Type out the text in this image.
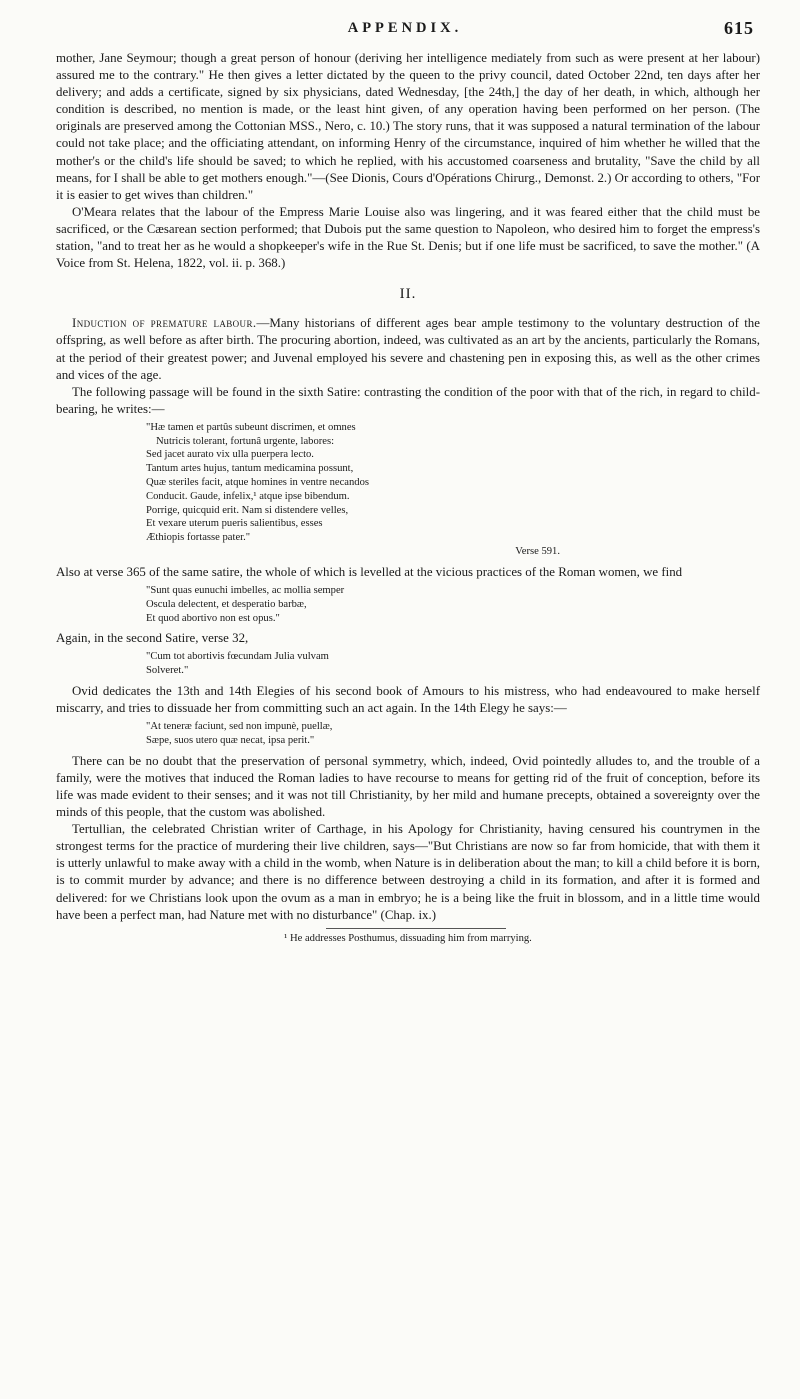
APPENDIX.	615

mother, Jane Seymour; though a great person of honour (deriving her intelligence mediately from such as were present at her labour) assured me to the contrary." He then gives a letter dictated by the queen to the privy council, dated October 22nd, ten days after her delivery; and adds a certificate, signed by six physicians, dated Wednesday, [the 24th,] the day of her death, in which, although her condition is described, no mention is made, or the least hint given, of any operation having been performed on her person. (The originals are preserved among the Cottonian MSS., Nero, c. 10.) The story runs, that it was supposed a natural termination of the labour could not take place; and the officiating attendant, on informing Henry of the circumstance, inquired of him whether he willed that the mother's or the child's life should be saved; to which he replied, with his accustomed coarseness and brutality, "Save the child by all means, for I shall be able to get mothers enough."—(See Dionis, Cours d'Opérations Chirurg., Demonst. 2.) Or according to others, "For it is easier to get wives than children."

O'Meara relates that the labour of the Empress Marie Louise also was lingering, and it was feared either that the child must be sacrificed, or the Cæsarean section performed; that Dubois put the same question to Napoleon, who desired him to forget the empress's station, "and to treat her as he would a shopkeeper's wife in the Rue St. Denis; but if one life must be sacrificed, to save the mother." (A Voice from St. Helena, 1822, vol. ii. p. 368.)

II.

Induction of premature labour.—Many historians of different ages bear ample testimony to the voluntary destruction of the offspring, as well before as after birth. The procuring abortion, indeed, was cultivated as an art by the ancients, particularly the Romans, at the period of their greatest power; and Juvenal employed his severe and chastening pen in exposing this, as well as the other crimes and vices of the age.

The following passage will be found in the sixth Satire: contrasting the condition of the poor with that of the rich, in regard to child-bearing, he writes:—

"Hæ tamen et partûs subeunt discrimen, et omnes
Nutricis tolerant, fortunâ urgente, labores:
Sed jacet aurato vix ulla puerpera lecto.
Tantum artes hujus, tantum medicamina possunt,
Quæ steriles facit, atque homines in ventre necandos
Conducit. Gaude, infelix,¹ atque ipse bibendum.
Porrige, quicquid erit. Nam si distendere velles,
Et vexare uterum pueris salientibus, esses
Æthiopis fortasse pater."
Verse 591.

Also at verse 365 of the same satire, the whole of which is levelled at the vicious practices of the Roman women, we find

"Sunt quas eunuchi imbelles, ac mollia semper
Oscula delectent, et desperatio barbæ,
Et quod abortivo non est opus."

Again, in the second Satire, verse 32,

"Cum tot abortivis fœcundam Julia vulvam
Solveret."

Ovid dedicates the 13th and 14th Elegies of his second book of Amours to his mistress, who had endeavoured to make herself miscarry, and tries to dissuade her from committing such an act again. In the 14th Elegy he says:—

"At teneræ faciunt, sed non impunè, puellæ,
Sæpe, suos utero quæ necat, ipsa perit."

There can be no doubt that the preservation of personal symmetry, which, indeed, Ovid pointedly alludes to, and the trouble of a family, were the motives that induced the Roman ladies to have recourse to means for getting rid of the fruit of conception, before its life was made evident to their senses; and it was not till Christianity, by her mild and humane precepts, obtained a sovereignty over the minds of this people, that the custom was abolished.

Tertullian, the celebrated Christian writer of Carthage, in his Apology for Christianity, having censured his countrymen in the strongest terms for the practice of murdering their live children, says—"But Christians are now so far from homicide, that with them it is utterly unlawful to make away with a child in the womb, when Nature is in deliberation about the man; to kill a child before it is born, is to commit murder by advance; and there is no difference between destroying a child in its formation, and after it is formed and delivered: for we Christians look upon the ovum as a man in embryo; he is a being like the fruit in blossom, and in a little time would have been a perfect man, had Nature met with no disturbance" (Chap. ix.)

¹ He addresses Posthumus, dissuading him from marrying.
